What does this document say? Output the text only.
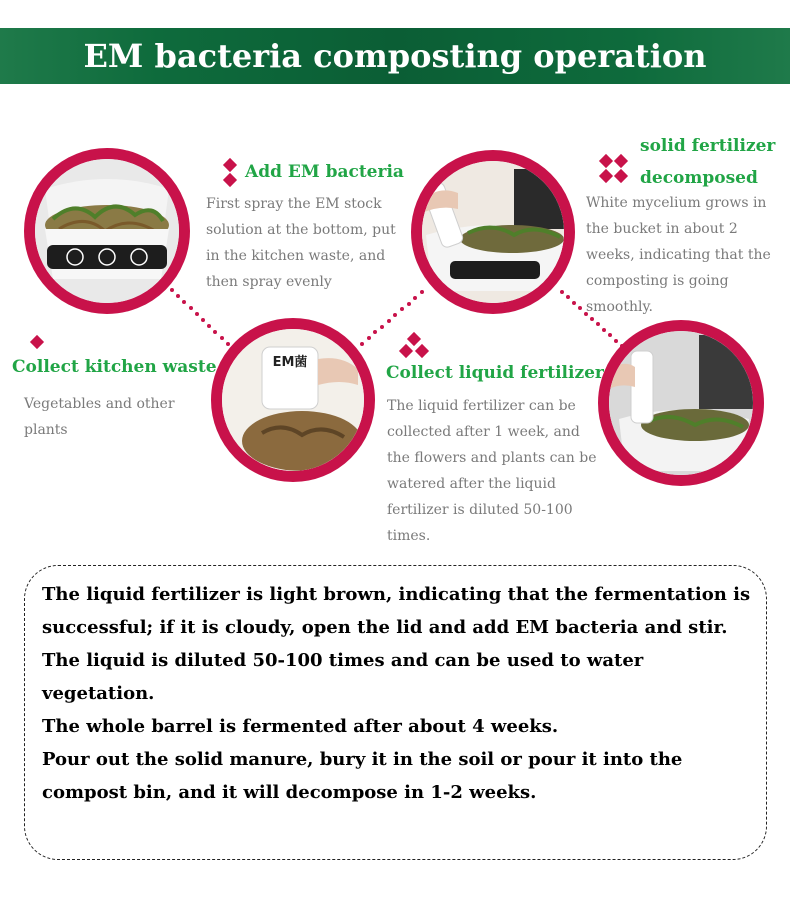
EM bacteria composting operation
EM菌
Collect kitchen waste
Vegetables and other plants
Add EM bacteria
First spray the EM stock solution at the bottom, put in the kitchen waste, and then spray evenly
Collect liquid fertilizer
The liquid fertilizer can be collected after 1 week, and the flowers and plants can be watered after the liquid fertilizer is diluted 50-100 times.
solid fertilizer
decomposed
White mycelium grows in the bucket in about 2 weeks, indicating that the composting is going smoothly.
The liquid fertilizer is light brown, indicating that the fermentation is successful; if it is cloudy, open the lid and add EM bacteria and stir.
The liquid is diluted 50-100 times and can be used to water vegetation.
The whole barrel is fermented after about 4 weeks.
Pour out the solid manure, bury it in the soil or pour it into the compost bin, and it will decompose in 1-2 weeks.
